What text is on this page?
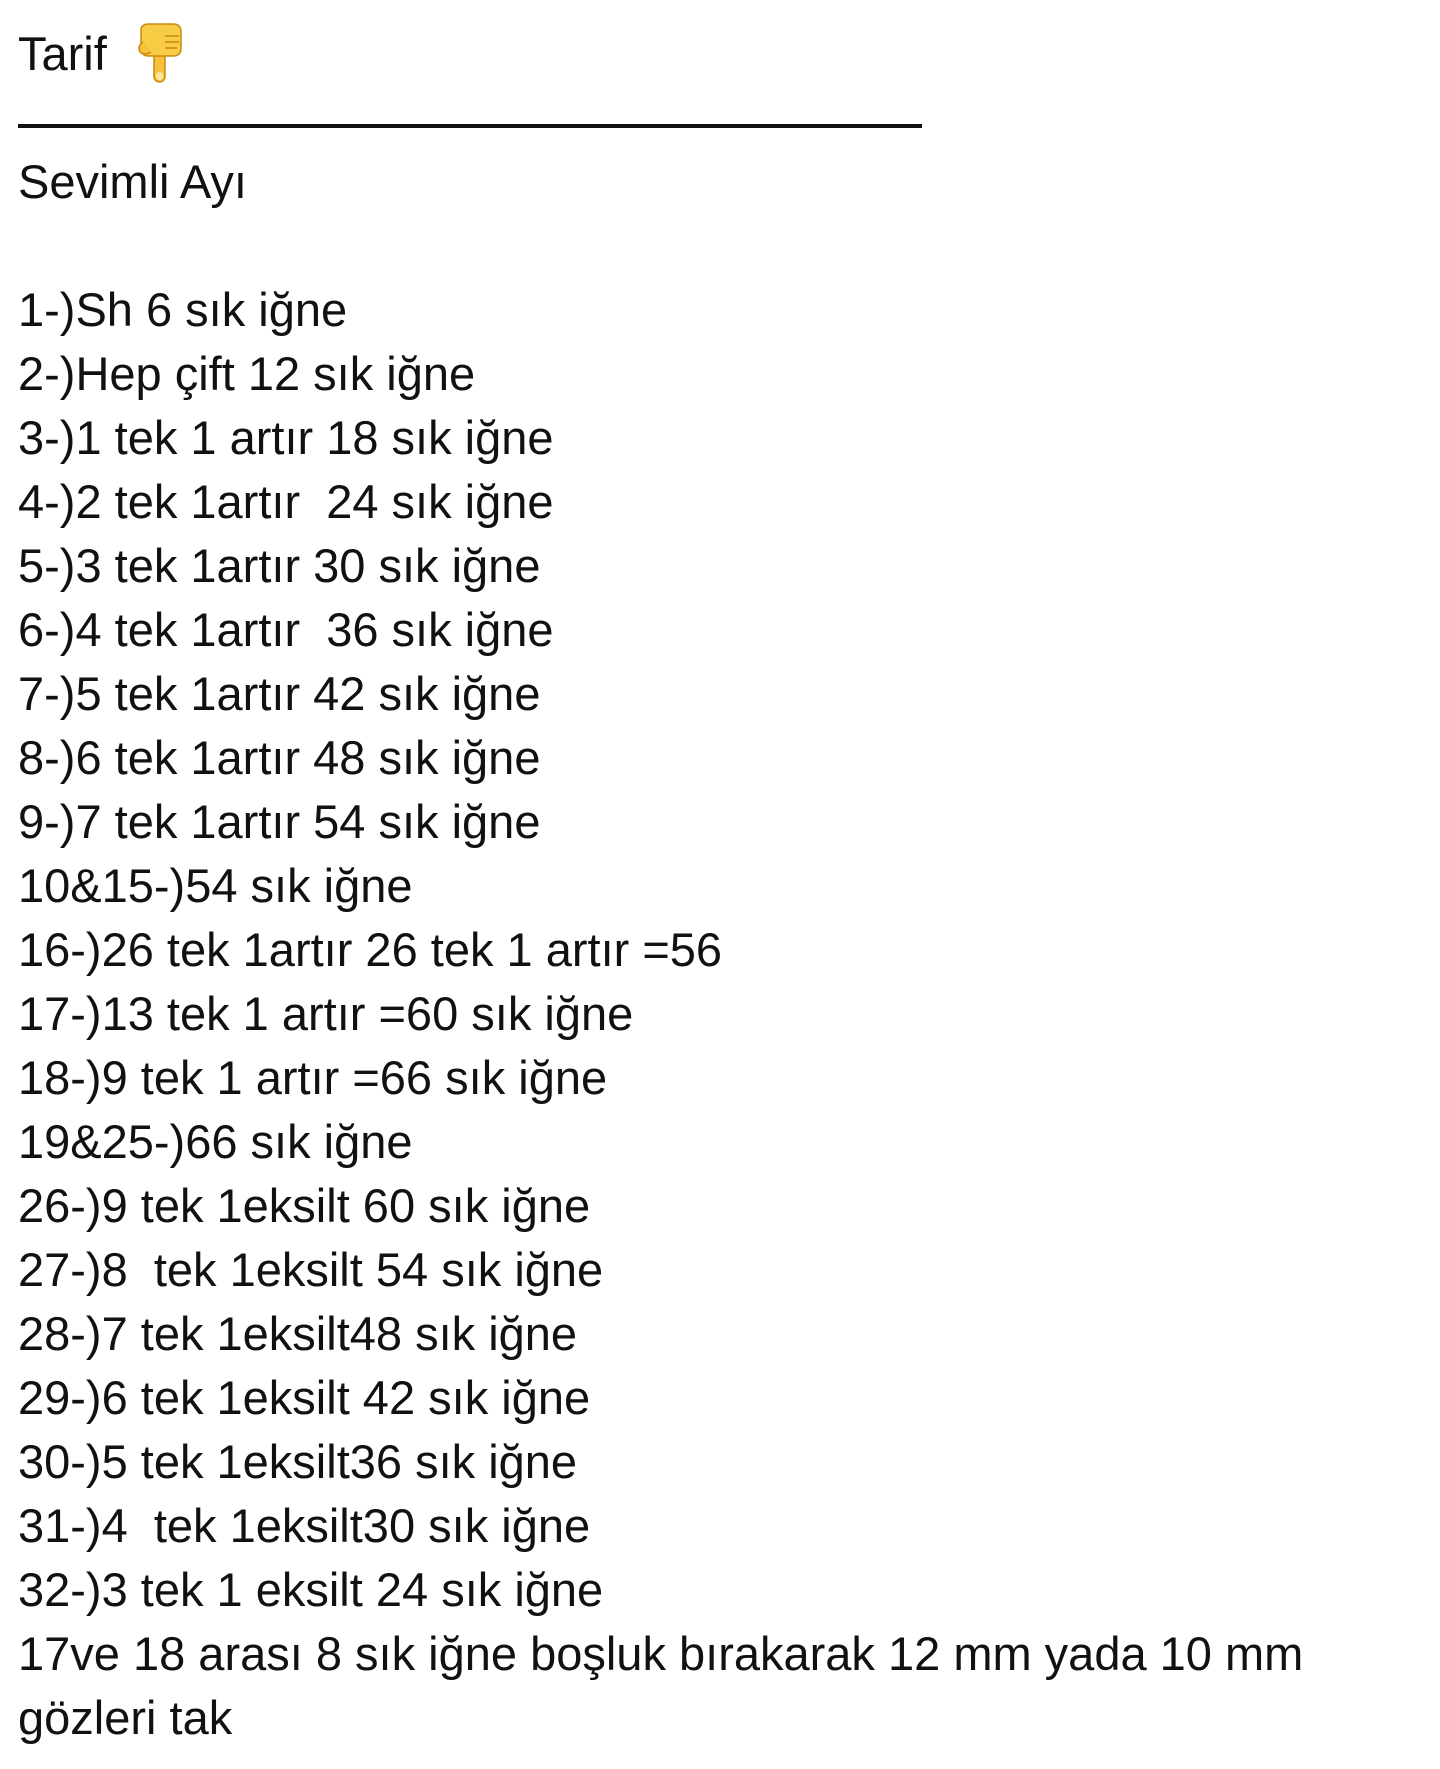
Tarif
Sevimli Ayı
1-)Sh 6 sık iğne
2-)Hep çift 12 sık iğne
3-)1 tek 1 artır 18 sık iğne
4-)2 tek 1artır  24 sık iğne
5-)3 tek 1artır 30 sık iğne
6-)4 tek 1artır  36 sık iğne
7-)5 tek 1artır 42 sık iğne
8-)6 tek 1artır 48 sık iğne
9-)7 tek 1artır 54 sık iğne
10&15-)54 sık iğne
16-)26 tek 1artır 26 tek 1 artır =56
17-)13 tek 1 artır =60 sık iğne
18-)9 tek 1 artır =66 sık iğne
19&25-)66 sık iğne
26-)9 tek 1eksilt 60 sık iğne
27-)8  tek 1eksilt 54 sık iğne
28-)7 tek 1eksilt48 sık iğne
29-)6 tek 1eksilt 42 sık iğne
30-)5 tek 1eksilt36 sık iğne
31-)4  tek 1eksilt30 sık iğne
32-)3 tek 1 eksilt 24 sık iğne
17ve 18 arası 8 sık iğne boşluk bırakarak 12 mm yada 10 mm gözleri tak
